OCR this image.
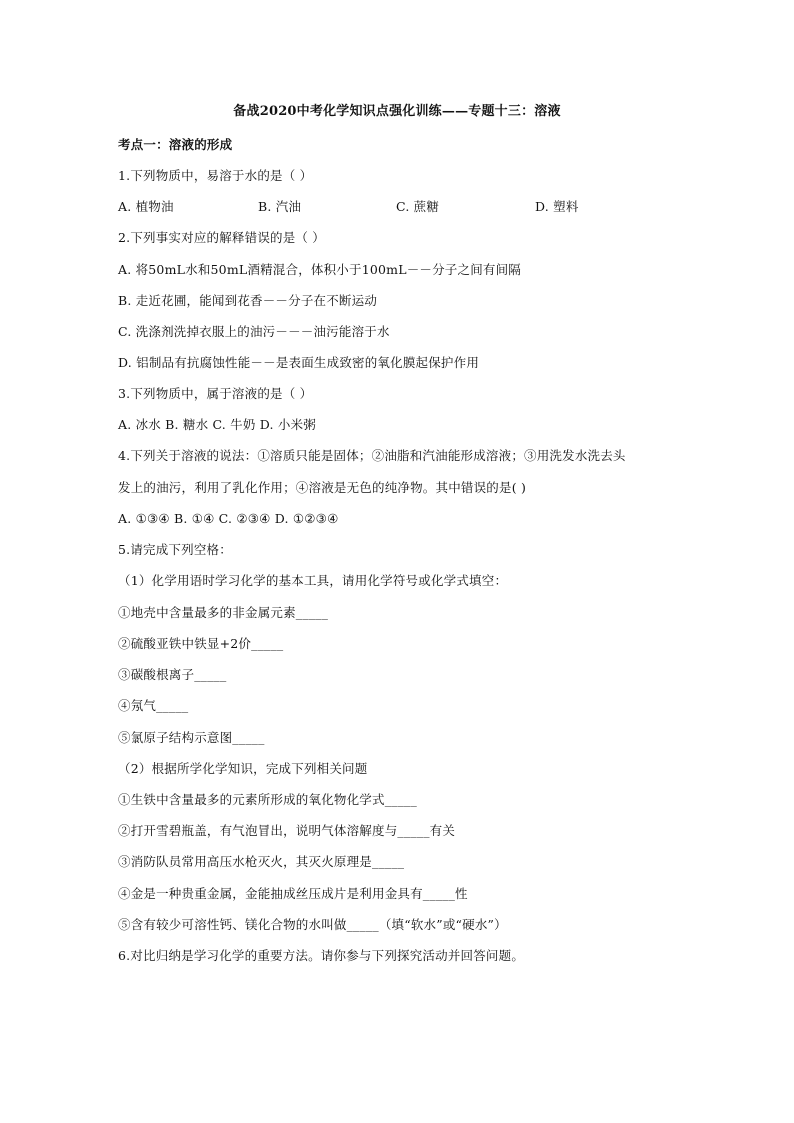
备战2020中考化学知识点强化训练——专题十三：溶液
考点一：溶液的形成
1.下列物质中，易溶于水的是（ ）
A. 植物油	B. 汽油	C. 蔗糖	D. 塑料
2.下列事实对应的解释错误的是（ ）
A. 将50mL水和50mL酒精混合，体积小于100mL－－分子之间有间隔
B. 走近花圃，能闻到花香－－分子在不断运动
C. 洗涤剂洗掉衣服上的油污－－－油污能溶于水
D. 铝制品有抗腐蚀性能－－是表面生成致密的氧化膜起保护作用
3.下列物质中，属于溶液的是（ ）
A. 冰水 B. 糖水 C. 牛奶 D. 小米粥
4.下列关于溶液的说法：①溶质只能是固体；②油脂和汽油能形成溶液；③用洗发水洗去头
发上的油污，利用了乳化作用；④溶液是无色的纯净物。其中错误的是( )
A. ①③④ B. ①④ C. ②③④ D. ①②③④
5.请完成下列空格：
（1）化学用语时学习化学的基本工具，请用化学符号或化学式填空：
①地壳中含量最多的非金属元素_____
②硫酸亚铁中铁显+2价_____
③碳酸根离子_____
④氖气_____
⑤氯原子结构示意图_____
（2）根据所学化学知识，完成下列相关问题
①生铁中含量最多的元素所形成的氧化物化学式_____
②打开雪碧瓶盖，有气泡冒出，说明气体溶解度与_____有关
③消防队员常用高压水枪灭火，其灭火原理是_____
④金是一种贵重金属，金能抽成丝压成片是利用金具有_____性
⑤含有较少可溶性钙、镁化合物的水叫做_____（填“软水”或“硬水”）
6.对比归纳是学习化学的重要方法。请你参与下列探究活动并回答问题。
